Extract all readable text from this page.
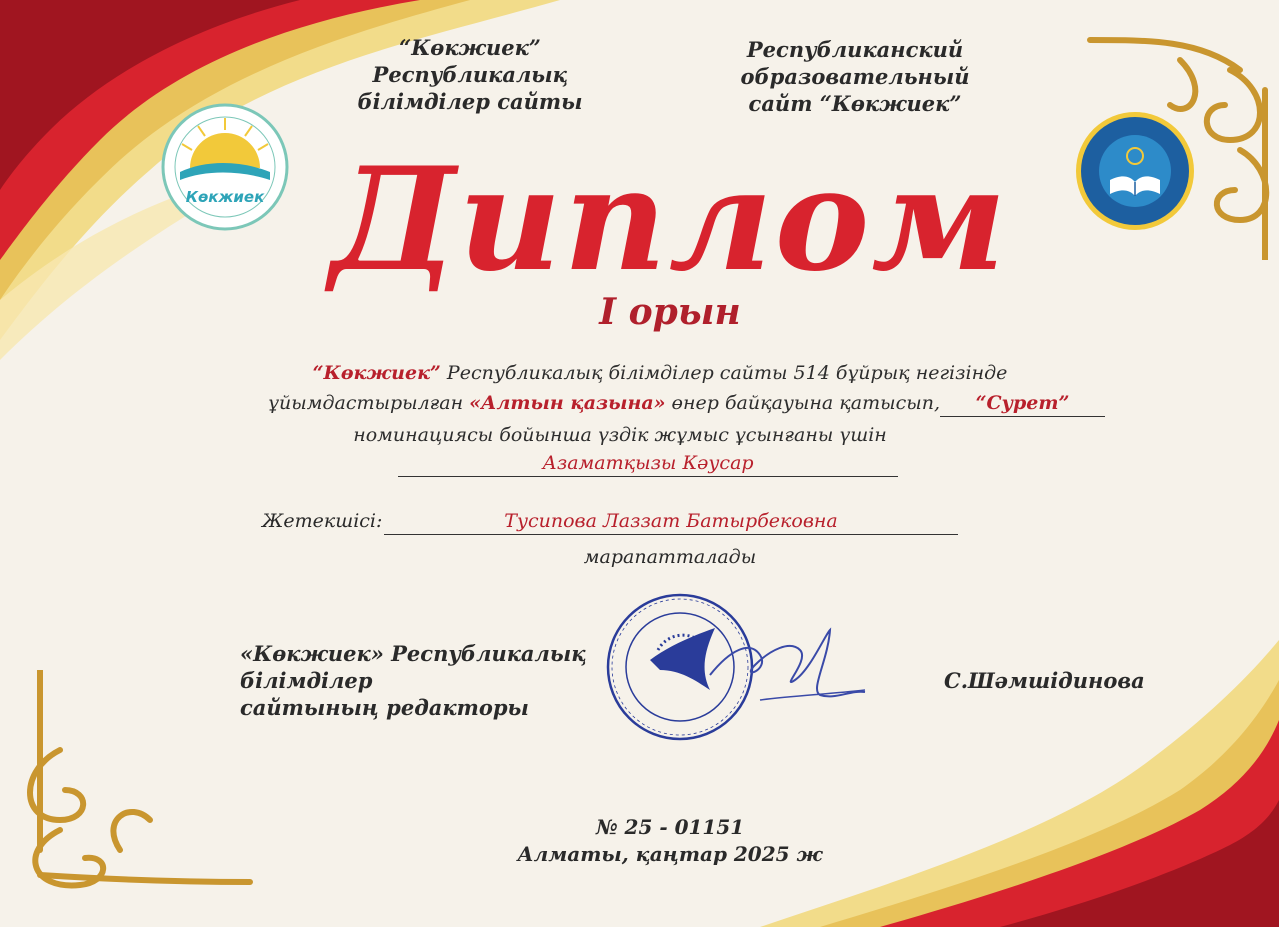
Көкжиек
“Көкжиек” Республикалық
білімділер сайты
Республиканский образовательный
сайт “Көкжиек”
Диплом
І орын
“Көкжиек” Республикалық білімділер сайты 514 бұйрық негізінде
ұйымдастырылған «Алтын қазына» өнер байқауына қатысып,	“Сурет”
номинациясы бойынша үздік жұмыс ұсынғаны үшін
Азаматқызы Кәусар
Жетекшісі:	Тусипова Лаззат Батырбековна
марапатталады
«Көкжиек» Республикалық білімділер
сайтының редакторы
С.Шәмшідинова
№ 25 - 01151
Алматы, қаңтар 2025 ж
